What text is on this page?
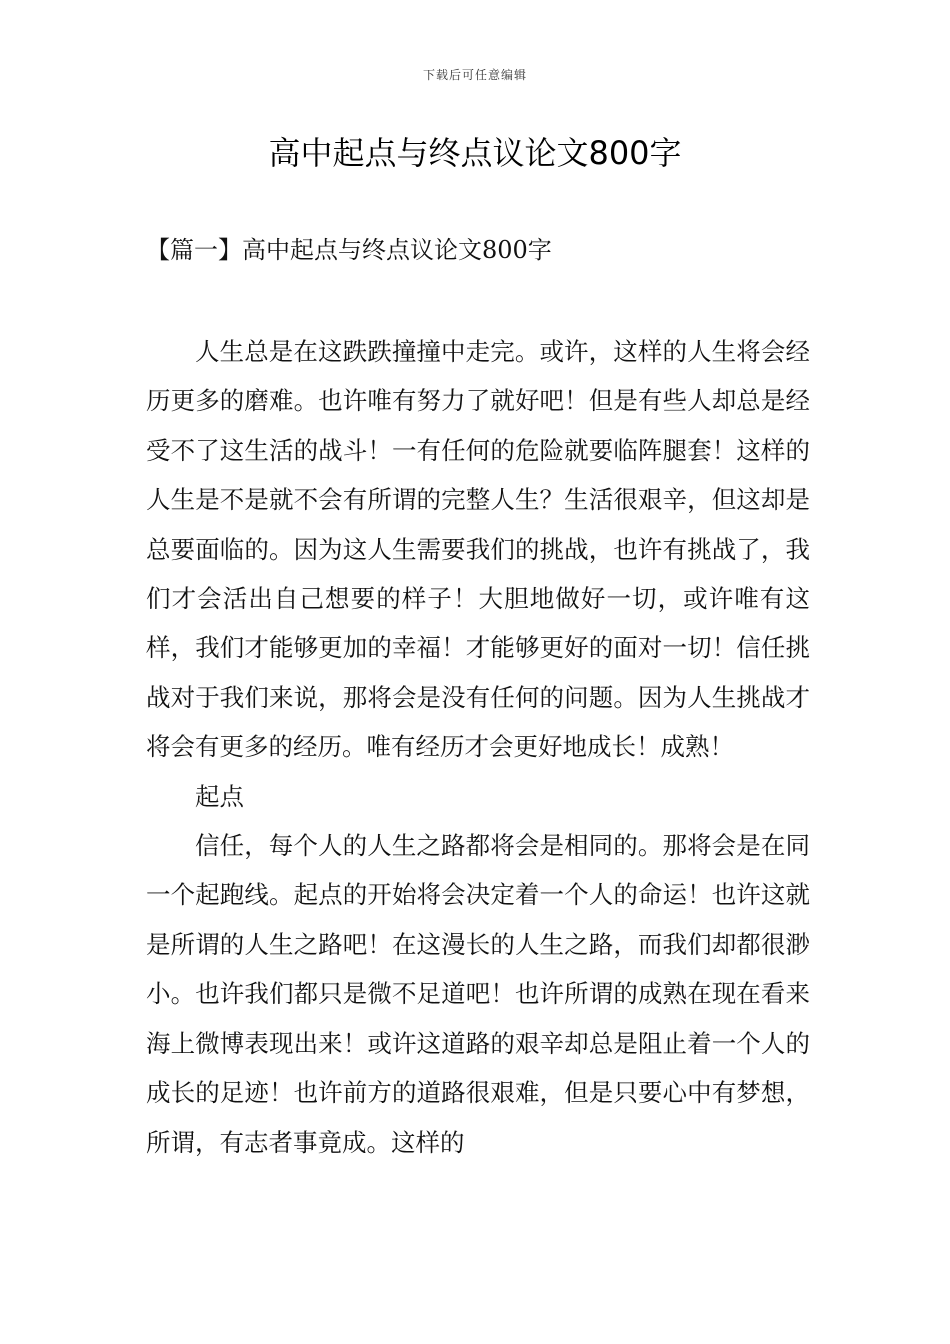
下载后可任意编辑
高中起点与终点议论文800字
【篇一】高中起点与终点议论文800字

人生总是在这跌跌撞撞中走完。或许，这样的人生将会经历更多的磨难。也许唯有努力了就好吧！但是有些人却总是经受不了这生活的战斗！一有任何的危险就要临阵腿套！这样的人生是不是就不会有所谓的完整人生？生活很艰辛，但这却是总要面临的。因为这人生需要我们的挑战，也许有挑战了，我们才会活出自己想要的样子！大胆地做好一切，或许唯有这样，我们才能够更加的幸福！才能够更好的面对一切！信任挑战对于我们来说，那将会是没有任何的问题。因为人生挑战才将会有更多的经历。唯有经历才会更好地成长！成熟！

起点

信任，每个人的人生之路都将会是相同的。那将会是在同一个起跑线。起点的开始将会决定着一个人的命运！也许这就是所谓的人生之路吧！在这漫长的人生之路，而我们却都很渺小。也许我们都只是微不足道吧！也许所谓的成熟在现在看来海上微博表现出来！或许这道路的艰辛却总是阻止着一个人的成长的足迹！也许前方的道路很艰难，但是只要心中有梦想，所谓，有志者事竟成。这样的
